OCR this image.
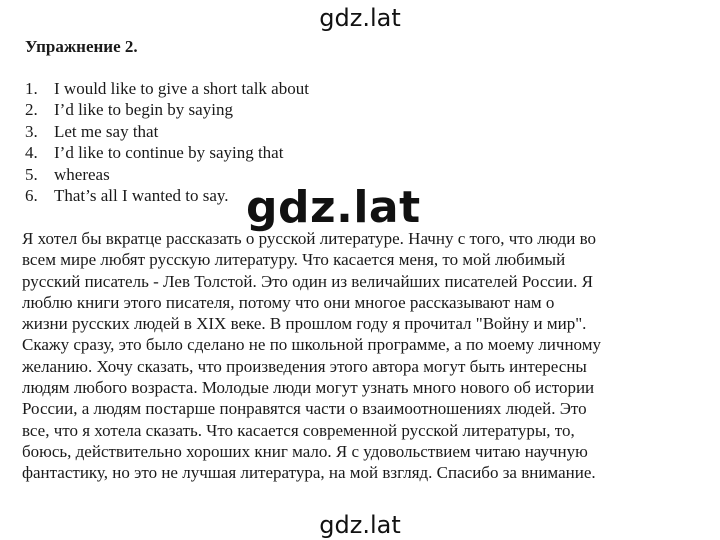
gdz.lat
Упражнение 2.
1. I would like to give a short talk about
2. I’d like to begin by saying
3. Let me say that
4. I’d like to continue by saying that
5. whereas
6. That’s all I wanted to say. gdz.lat

Я хотел бы вкратце рассказать о русской литературе. Начну с того, что люди во
всем мире любят русскую литературу. Что касается меня, то мой любимый
русский писатель - Лев Толстой. Это один из величайших писателей России. Я
люблю книги этого писателя, потому что они многое рассказывают нам о
жизни русских людей в XIX веке. В прошлом году я прочитал "Войну и мир".
Скажу сразу, это было сделано не по школьной программе, а по моему личному
желанию. Хочу сказать, что произведения этого автора могут быть интересны
людям любого возраста. Молодые люди могут узнать много нового об истории
России, а людям постарше понравятся части о взаимоотношениях людей. Это
все, что я хотела сказать. Что касается современной русской литературы, то,
боюсь, действительно хороших книг мало. Я с удовольствием читаю научную
фантастику, но это не лучшая литература, на мой взгляд. Спасибо за внимание.

gdz.lat
